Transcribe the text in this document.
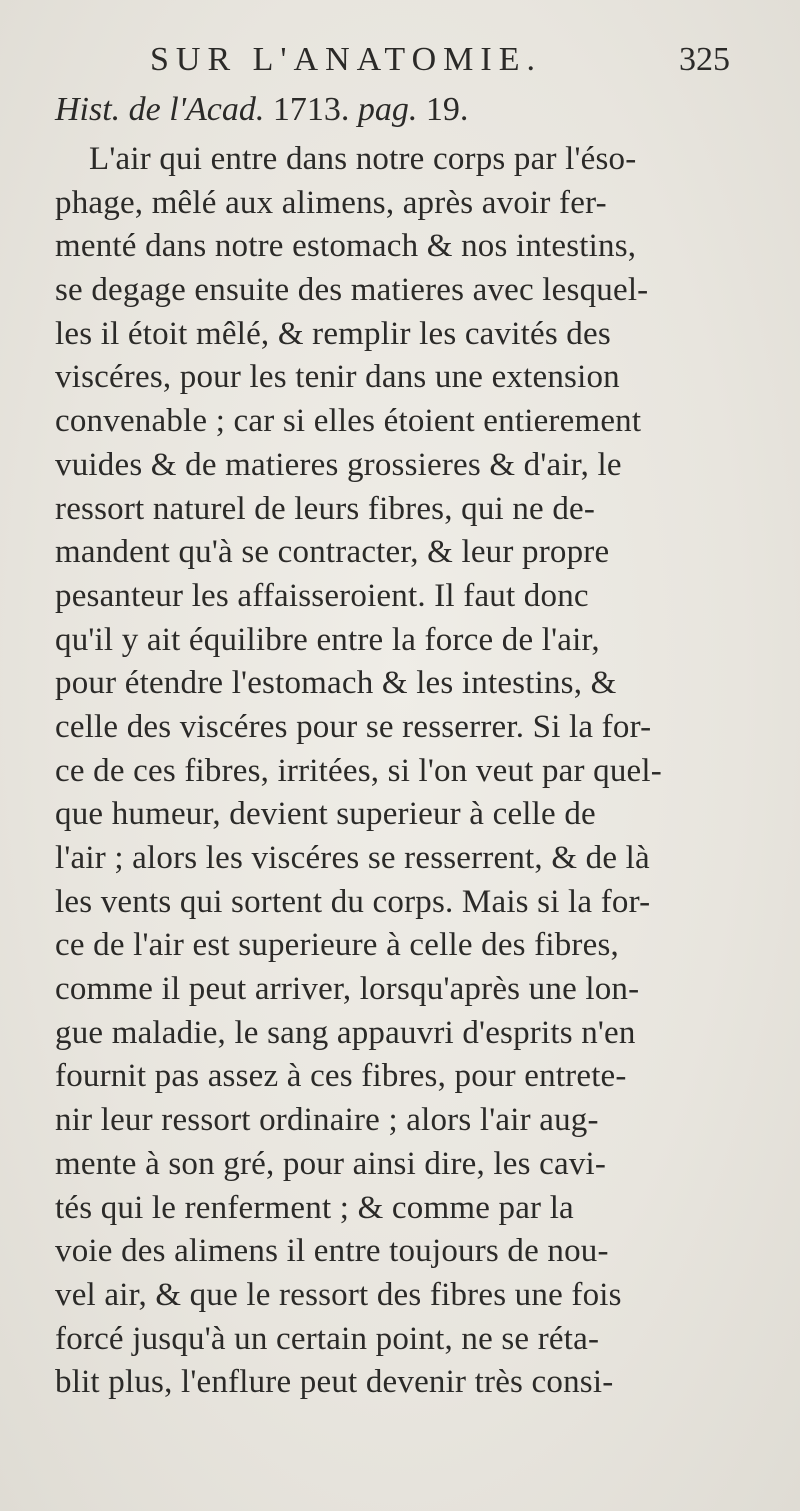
SUR L'ANATOMIE.	325
Hist. de l'Acad. 1713. pag. 19.
L'air qui entre dans notre corps par l'éso-
phage, mêlé aux alimens, après avoir fer-
menté dans notre estomach & nos intestins,
se degage ensuite des matieres avec lesquel-
les il étoit mêlé, & remplir les cavités des
viscéres, pour les tenir dans une extension
convenable ; car si elles étoient entierement
vuides & de matieres grossieres & d'air, le
ressort naturel de leurs fibres, qui ne de-
mandent qu'à se contracter, & leur propre
pesanteur les affaisseroient. Il faut donc
qu'il y ait équilibre entre la force de l'air,
pour étendre l'estomach & les intestins, &
celle des viscéres pour se resserrer. Si la for-
ce de ces fibres, irritées, si l'on veut par quel-
que humeur, devient superieur à celle de
l'air ; alors les viscéres se resserrent, & de là
les vents qui sortent du corps. Mais si la for-
ce de l'air est superieure à celle des fibres,
comme il peut arriver, lorsqu'après une lon-
gue maladie, le sang appauvri d'esprits n'en
fournit pas assez à ces fibres, pour entrete-
nir leur ressort ordinaire ; alors l'air aug-
mente à son gré, pour ainsi dire, les cavi-
tés qui le renferment ; & comme par la
voie des alimens il entre toujours de nou-
vel air, & que le ressort des fibres une fois
forcé jusqu'à un certain point, ne se réta-
blit plus, l'enflure peut devenir très consi-
